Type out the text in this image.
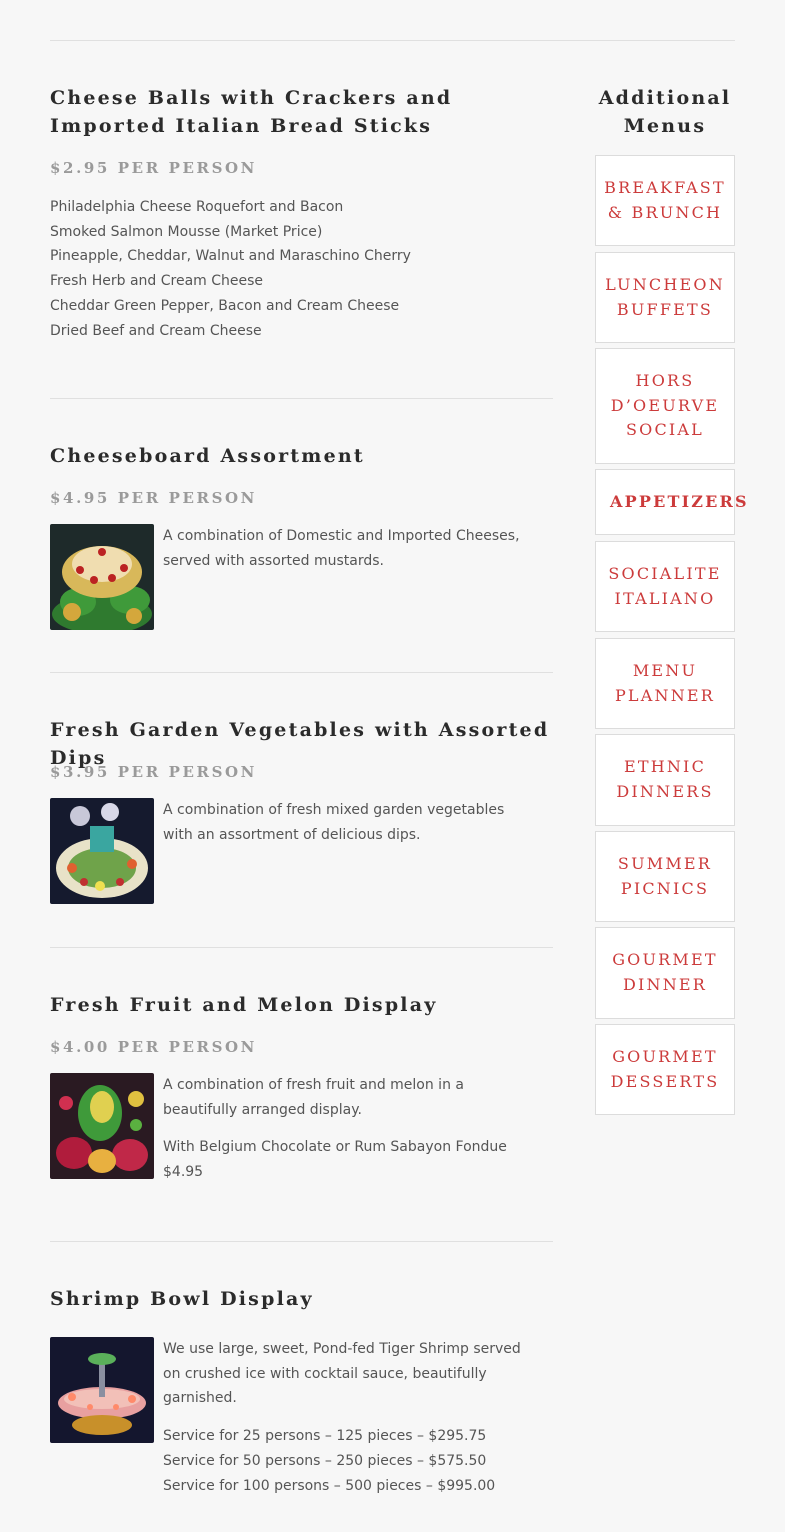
Cheese Balls with Crackers and Imported Italian Bread Sticks
$2.95 PER PERSON
Philadelphia Cheese Roquefort and Bacon
Smoked Salmon Mousse (Market Price)
Pineapple, Cheddar, Walnut and Maraschino Cherry
Fresh Herb and Cream Cheese
Cheddar Green Pepper, Bacon and Cream Cheese
Dried Beef and Cream Cheese
Cheeseboard Assortment
$4.95 PER PERSON

A combination of Domestic and Imported Cheeses, served with assorted mustards.

Fresh Garden Vegetables with Assorted Dips
$3.95 PER PERSON

A combination of fresh mixed garden vegetables with an assortment of delicious dips.

Fresh Fruit and Melon Display
$4.00 PER PERSON

A combination of fresh fruit and melon in a beautifully arranged display.

With Belgium Chocolate or Rum Sabayon Fondue $4.95

Shrimp Bowl Display

We use large, sweet, Pond-fed Tiger Shrimp served on crushed ice with cocktail sauce, beautifully garnished.

Service for 25 persons – 125 pieces – $295.75
Service for 50 persons – 250 pieces – $575.50
Service for 100 persons – 500 pieces – $995.00

Additional Menus
BREAKFAST & BRUNCH
LUNCHEON BUFFETS
HORS D’OEURVE SOCIAL
APPETIZERS
SOCIALITE ITALIANO
MENU PLANNER
ETHNIC DINNERS
SUMMER PICNICS
GOURMET DINNER
GOURMET DESSERTS
